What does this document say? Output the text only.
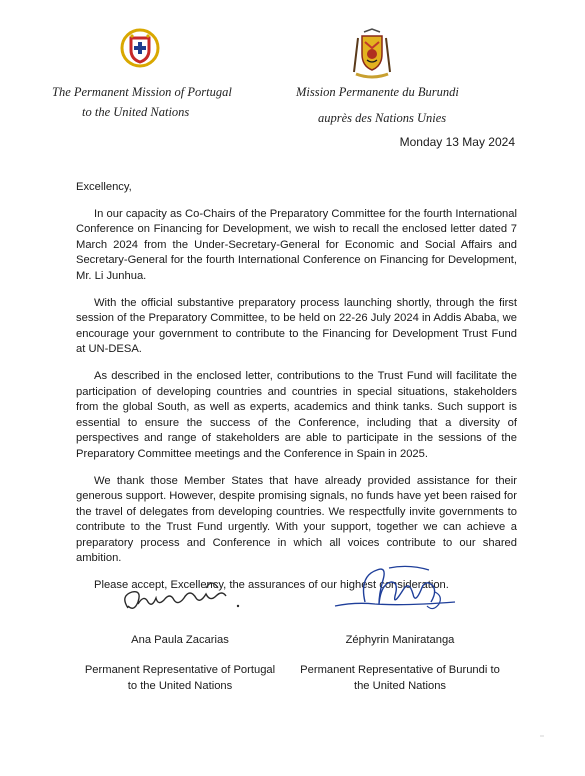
The Permanent Mission of Portugal
to the United Nations
Mission Permanente du Burundi
auprès des Nations Unies
Monday 13 May 2024

Excellency,

In our capacity as Co-Chairs of the Preparatory Committee for the fourth International Conference on Financing for Development, we wish to recall the enclosed letter dated 7 March 2024 from the Under-Secretary-General for Economic and Social Affairs and Secretary-General for the fourth International Conference on Financing for Development, Mr. Li Junhua.

With the official substantive preparatory process launching shortly, through the first session of the Preparatory Committee, to be held on 22-26 July 2024 in Addis Ababa, we encourage your government to contribute to the Financing for Development Trust Fund at UN-DESA.

As described in the enclosed letter, contributions to the Trust Fund will facilitate the participation of developing countries and countries in special situations, stakeholders from the global South, as well as experts, academics and think tanks. Such support is essential to ensure the success of the Conference, including that a diversity of perspectives and range of stakeholders are able to participate in the sessions of the Preparatory Committee meetings and the Conference in Spain in 2025.

We thank those Member States that have already provided assistance for their generous support. However, despite promising signals, no funds have yet been raised for the travel of delegates from developing countries. We respectfully invite governments to contribute to the Trust Fund urgently. With your support, together we can achieve a preparatory process and Conference in which all voices contribute to our shared ambition.

Please accept, Excellency, the assurances of our highest consideration.

Ana Paula Zacarias
Permanent Representative of Portugal to the United Nations
Zéphyrin Maniratanga
Permanent Representative of Burundi to the United Nations
